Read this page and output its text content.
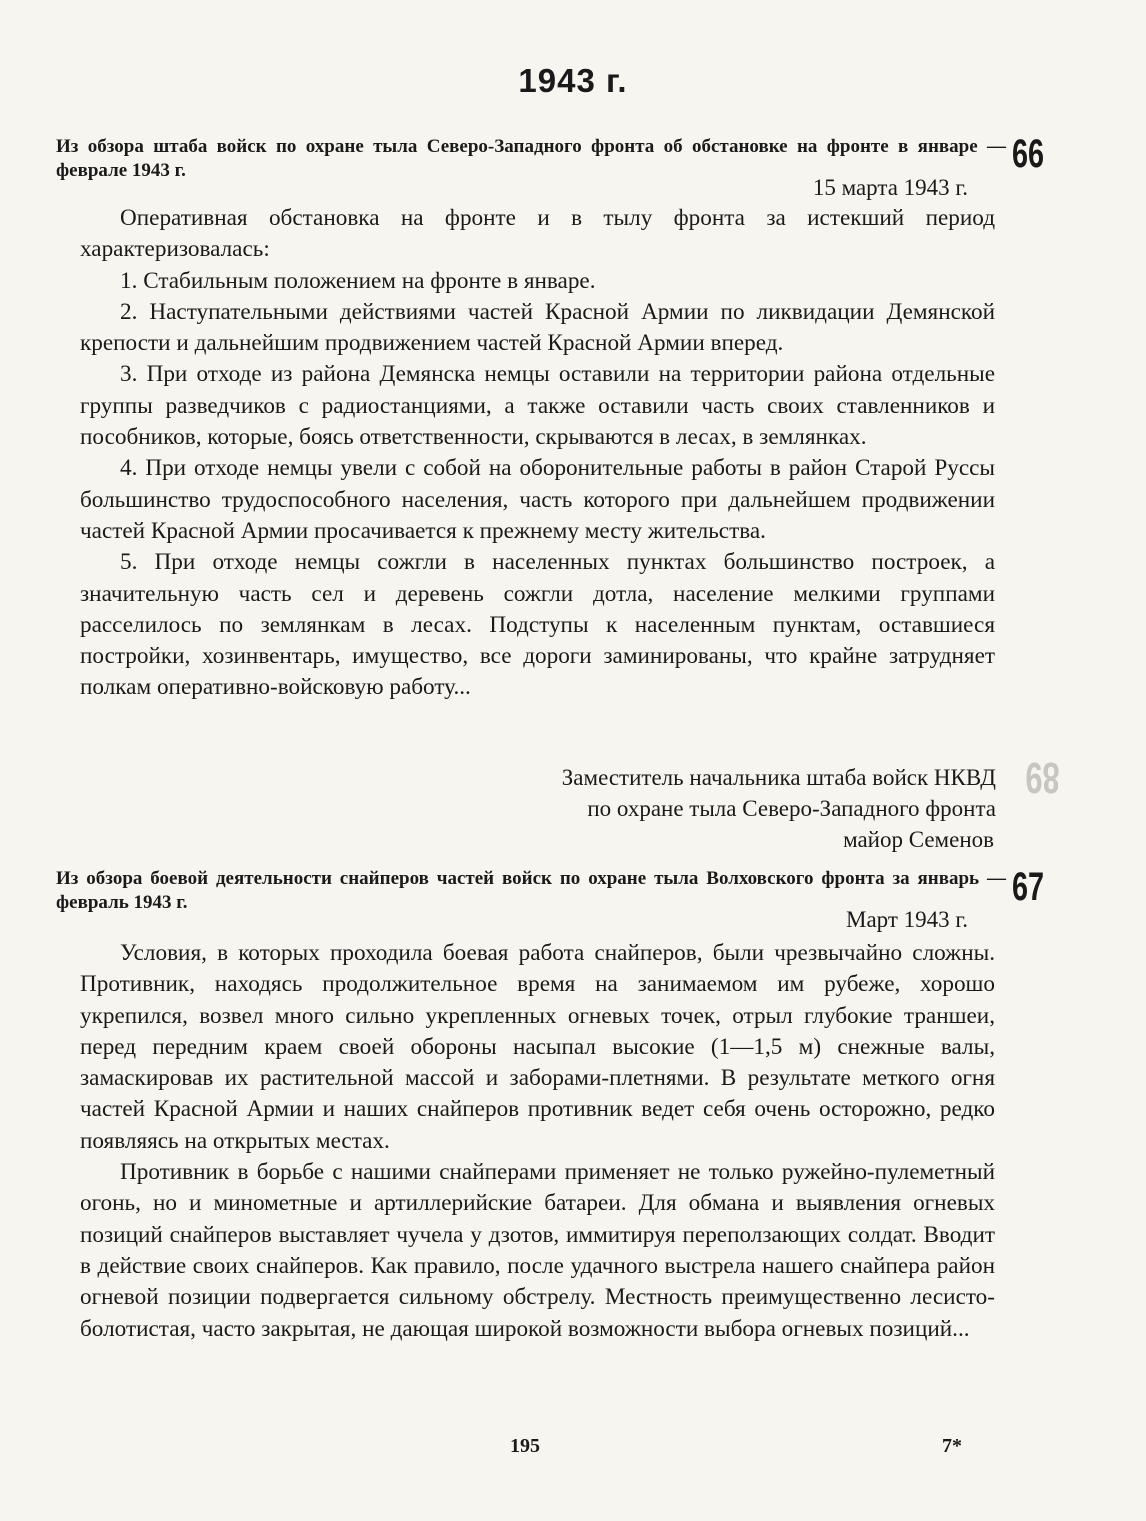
89
1943 г.
Из обзора штаба войск по охране тыла Северо-Западного фронта об обстановке на фронте в январе — феврале 1943 г.	66
15 марта 1943 г.

Оперативная обстановка на фронте и в тылу фронта за истекший период характеризовалась:

1. Стабильным положением на фронте в январе.

2. Наступательными действиями частей Красной Армии по ликвидации Демянской крепости и дальнейшим продвижением частей Красной Армии вперед.

3. При отходе из района Демянска немцы оставили на территории района отдельные группы разведчиков с радиостанциями, а также оставили часть своих ставленников и пособников, которые, боясь ответственности, скрываются в лесах, в землянках.

4. При отходе немцы увели с собой на оборонительные работы в район Старой Руссы большинство трудоспособного населения, часть которого при дальнейшем продвижении частей Красной Армии просачивается к прежнему месту жительства.

5. При отходе немцы сожгли в населенных пунктах большинство построек, а значительную часть сел и деревень сожгли дотла, население мелкими группами расселилось по землянкам в лесах. Подступы к населенным пунктам, оставшиеся постройки, хозинвентарь, имущество, все дороги заминированы, что крайне затрудняет полкам оперативно-войсковую работу...

Заместитель начальника штаба войск НКВД
по охране тыла Северо-Западного фронта
майор Семенов
Из обзора боевой деятельности снайперов частей войск по охране тыла Волховского фронта за январь — февраль 1943 г.	67
Март 1943 г.

Условия, в которых проходила боевая работа снайперов, были чрезвычайно сложны. Противник, находясь продолжительное время на занимаемом им рубеже, хорошо укрепился, возвел много сильно укрепленных огневых точек, отрыл глубокие траншеи, перед передним краем своей обороны насыпал высокие (1—1,5 м) снежные валы, замаскировав их растительной массой и заборами-плетнями. В результате меткого огня частей Красной Армии и наших снайперов противник ведет себя очень осторожно, редко появляясь на открытых местах.

Противник в борьбе с нашими снайперами применяет не только ружейно-пулеметный огонь, но и минометные и артиллерийские батареи. Для обмана и выявления огневых позиций снайперов выставляет чучела у дзотов, иммитируя переползающих солдат. Вводит в действие своих снайперов. Как правило, после удачного выстрела нашего снайпера район огневой позиции подвергается сильному обстрелу. Местность преимущественно лесисто-болотистая, часто закрытая, не дающая широкой возможности выбора огневых позиций...

195	7*
